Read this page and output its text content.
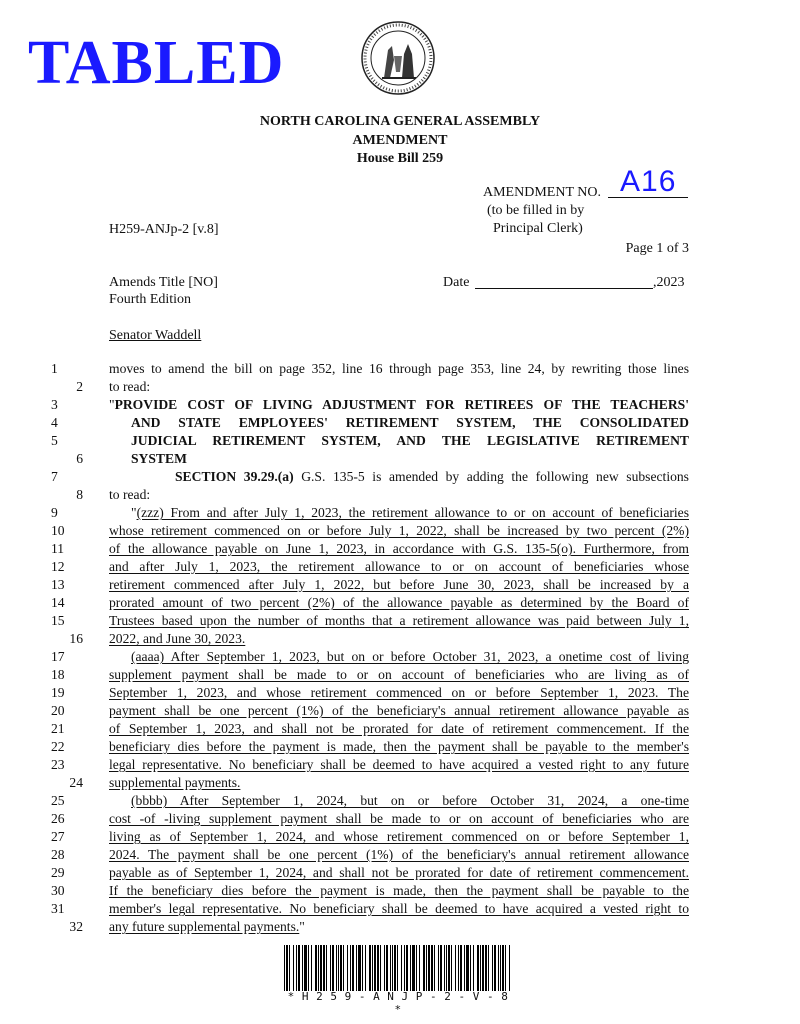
TABLED
NORTH CAROLINA GENERAL ASSEMBLY
AMENDMENT
House Bill 259
AMENDMENT NO. A16
(to be filled in by
Principal Clerk)
H259-ANJp-2 [v.8]
Page 1 of 3
Amends Title [NO]
Fourth Edition
Date	,2023
Senator Waddell
1	moves to amend the bill on page 352, line 16 through page 353, line 24, by rewriting those lines
2 to read:
3	"PROVIDE COST OF LIVING ADJUSTMENT FOR RETIREES OF THE TEACHERS'
4	AND STATE EMPLOYEES' RETIREMENT SYSTEM, THE CONSOLIDATED
5	JUDICIAL RETIREMENT SYSTEM, AND THE LEGISLATIVE RETIREMENT
6	SYSTEM
7	SECTION 39.29.(a) G.S. 135-5 is amended by adding the following new subsections
8 to read:
9	"(zzz) From and after July 1, 2023, the retirement allowance to or on account of beneficiaries
10	whose retirement commenced on or before July 1, 2022, shall be increased by two percent (2%)
11	of the allowance payable on June 1, 2023, in accordance with G.S. 135-5(o). Furthermore, from
12	and after July 1, 2023, the retirement allowance to or on account of beneficiaries whose
13	retirement commenced after July 1, 2022, but before June 30, 2023, shall be increased by a
14	prorated amount of two percent (2%) of the allowance payable as determined by the Board of
15	Trustees based upon the number of months that a retirement allowance was paid between July 1,
16 2022, and June 30, 2023.
17	(aaaa) After September 1, 2023, but on or before October 31, 2023, a onetime cost of living
18	supplement payment shall be made to or on account of beneficiaries who are living as of
19	September 1, 2023, and whose retirement commenced on or before September 1, 2023. The
20	payment shall be one percent (1%) of the beneficiary's annual retirement allowance payable as
21	of September 1, 2023, and shall not be prorated for date of retirement commencement. If the
22	beneficiary dies before the payment is made, then the payment shall be payable to the member's
23	legal representative. No beneficiary shall be deemed to have acquired a vested right to any future
24 supplemental payments.
25	(bbbb) After September 1, 2024, but on or before October 31, 2024, a one-time
26	cost -of -living supplement payment shall be made to or on account of beneficiaries who are
27	living as of September 1, 2024, and whose retirement commenced on or before September 1,
28	2024. The payment shall be one percent (1%) of the beneficiary's annual retirement allowance
29	payable as of September 1, 2024, and shall not be prorated for date of retirement commencement.
30	If the beneficiary dies before the payment is made, then the payment shall be payable to the
31	member's legal representative. No beneficiary shall be deemed to have acquired a vested right to
32 any future supplemental payments."
* H 2 5 9 - A N J P - 2 - V - 8 *
